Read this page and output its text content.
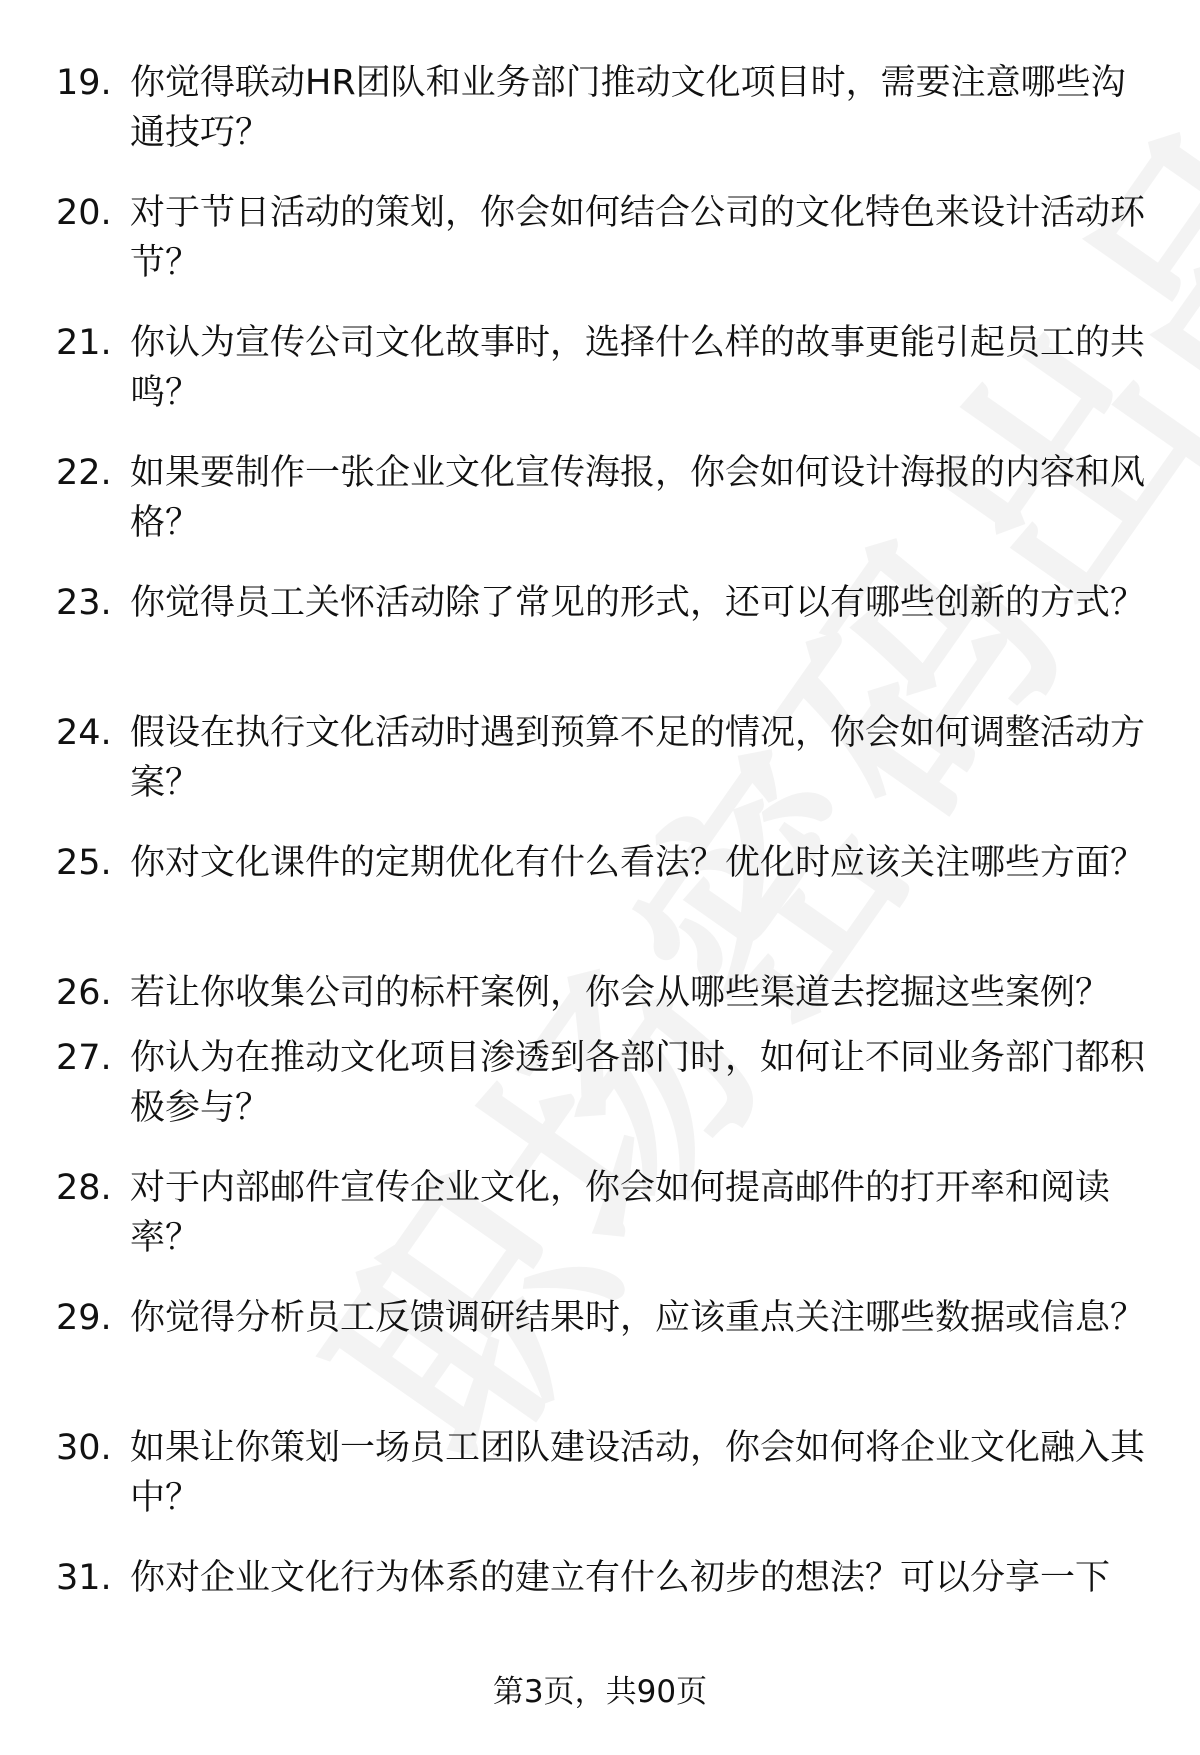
19. 你觉得联动HR团队和业务部门推动文化项目时，需要注意哪些沟通技巧？
20. 对于节日活动的策划，你会如何结合公司的文化特色来设计活动环节？
21. 你认为宣传公司文化故事时，选择什么样的故事更能引起员工的共鸣？
22. 如果要制作一张企业文化宣传海报，你会如何设计海报的内容和风格？
23. 你觉得员工关怀活动除了常见的形式，还可以有哪些创新的方式？
24. 假设在执行文化活动时遇到预算不足的情况，你会如何调整活动方案？
25. 你对文化课件的定期优化有什么看法？优化时应该关注哪些方面？
26. 若让你收集公司的标杆案例，你会从哪些渠道去挖掘这些案例？
27. 你认为在推动文化项目渗透到各部门时，如何让不同业务部门都积极参与？
28. 对于内部邮件宣传企业文化，你会如何提高邮件的打开率和阅读率？
29. 你觉得分析员工反馈调研结果时，应该重点关注哪些数据或信息？
30. 如果让你策划一场员工团队建设活动，你会如何将企业文化融入其中？
31. 你对企业文化行为体系的建立有什么初步的想法？可以分享一下
第3页，共90页
